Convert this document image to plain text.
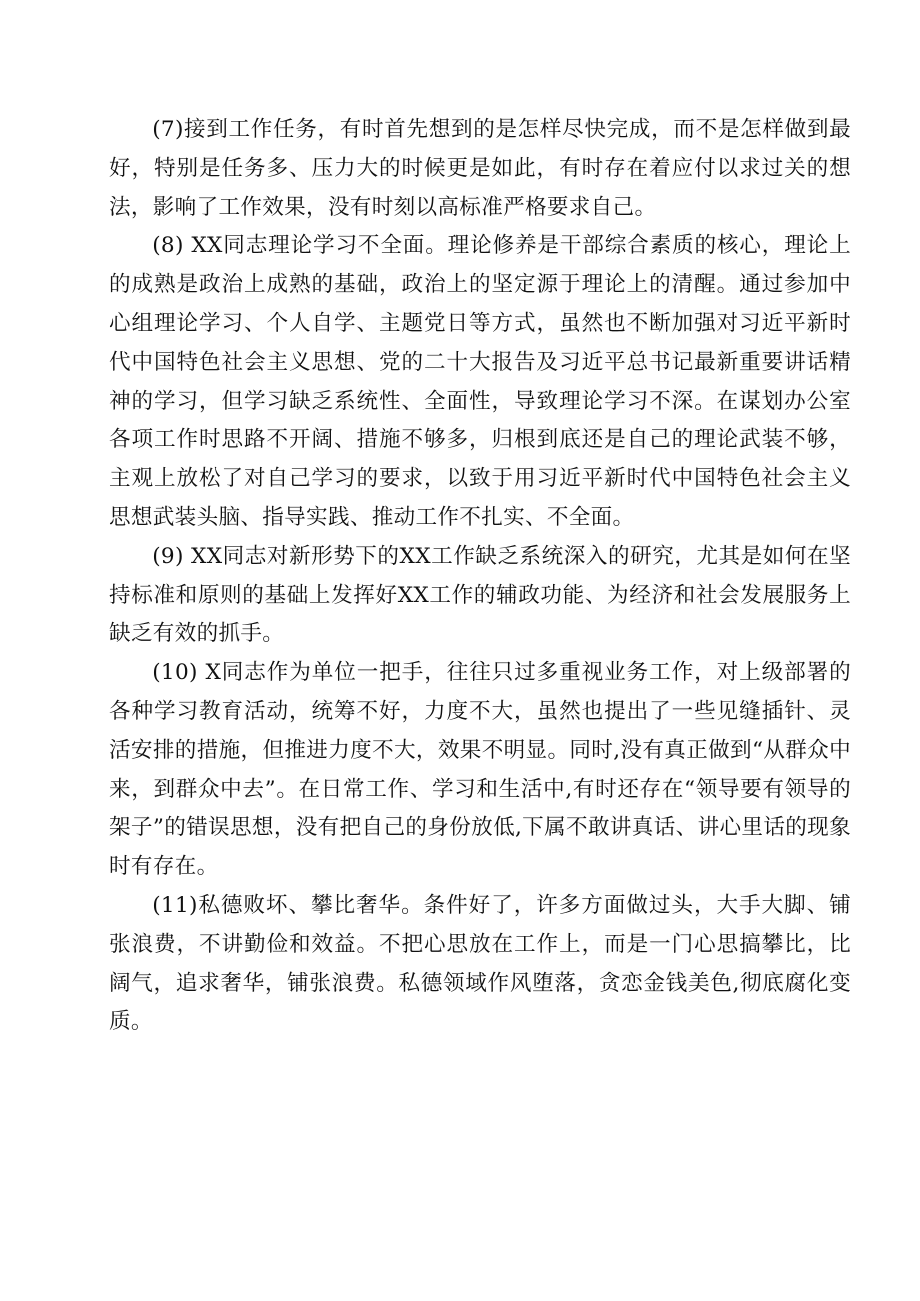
(7)接到工作任务，有时首先想到的是怎样尽快完成，而不是怎样做到最好，特别是任务多、压力大的时候更是如此，有时存在着应付以求过关的想法，影响了工作效果，没有时刻以高标准严格要求自己。

(8) XX同志理论学习不全面。理论修养是干部综合素质的核心，理论上的成熟是政治上成熟的基础，政治上的坚定源于理论上的清醒。通过参加中心组理论学习、个人自学、主题党日等方式，虽然也不断加强对习近平新时代中国特色社会主义思想、党的二十大报告及习近平总书记最新重要讲话精神的学习，但学习缺乏系统性、全面性，导致理论学习不深。在谋划办公室各项工作时思路不开阔、措施不够多，归根到底还是自己的理论武装不够，主观上放松了对自己学习的要求，以致于用习近平新时代中国特色社会主义思想武装头脑、指导实践、推动工作不扎实、不全面。

(9) XX同志对新形势下的XX工作缺乏系统深入的研究，尤其是如何在坚持标准和原则的基础上发挥好XX工作的辅政功能、为经济和社会发展服务上缺乏有效的抓手。

(10) X同志作为单位一把手，往往只过多重视业务工作，对上级部署的各种学习教育活动，统筹不好，力度不大，虽然也提出了一些见缝插针、灵活安排的措施，但推进力度不大，效果不明显。同时,没有真正做到“从群众中来，到群众中去”。在日常工作、学习和生活中,有时还存在“领导要有领导的架子”的错误思想，没有把自己的身份放低,下属不敢讲真话、讲心里话的现象时有存在。

(11)私德败坏、攀比奢华。条件好了，许多方面做过头，大手大脚、铺张浪费，不讲勤俭和效益。不把心思放在工作上，而是一门心思搞攀比，比阔气，追求奢华，铺张浪费。私德领域作风堕落，贪恋金钱美色,彻底腐化变质。
